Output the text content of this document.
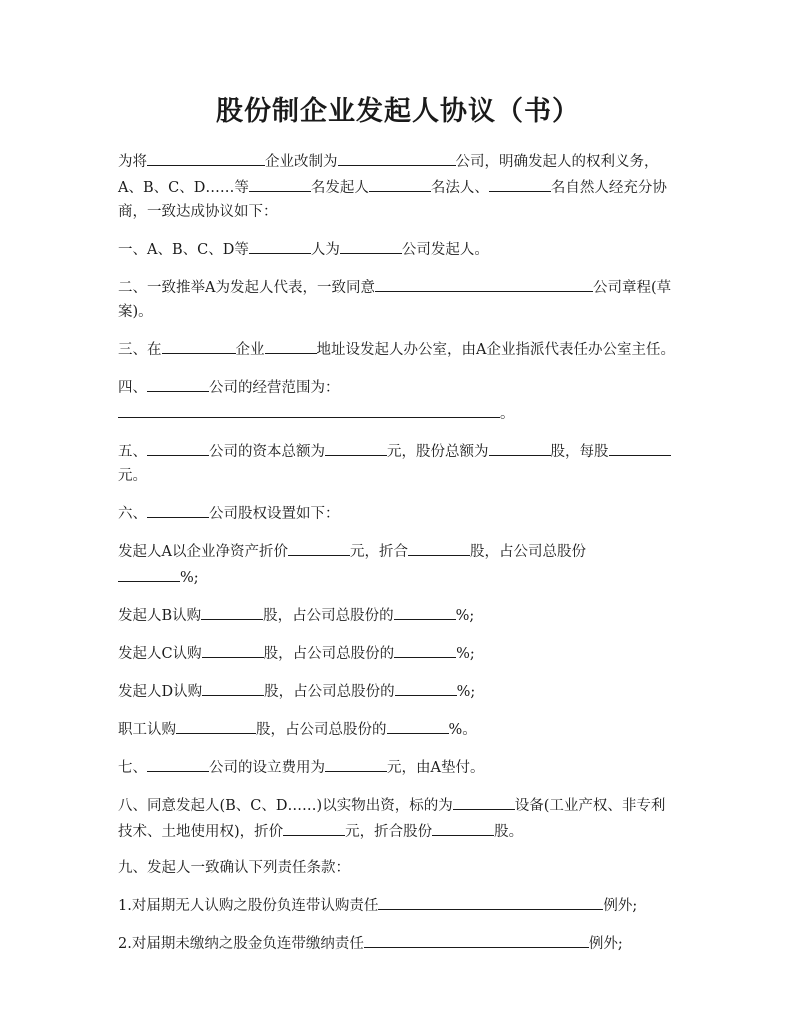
股份制企业发起人协议（书）

为将	企业改制为	公司，明确发起人的权利义务，A、B、C、D……等	名发起人	名法人、	名自然人经充分协商，一致达成协议如下：

一、A、B、C、D等	人为	公司发起人。

二、一致推举A为发起人代表，一致同意	公司章程(草案)。

三、在	企业	地址设发起人办公室，由A企业指派代表任办公室主任。

四、	公司的经营范围为：
。

五、	公司的资本总额为	元，股份总额为	股，每股元。

六、	公司股权设置如下：

发起人A以企业净资产折价	元，折合	股，占公司总股份
%;

发起人B认购	股，占公司总股份的	%;

发起人C认购	股，占公司总股份的	%;

发起人D认购	股，占公司总股份的	%;

职工认购	股，占公司总股份的	%。

七、	公司的设立费用为	元，由A垫付。

八、同意发起人(B、C、D……)以实物出资，标的为	设备(工业产权、非专利技术、土地使用权)，折价	元，折合股份	股。

九、发起人一致确认下列责任条款：

1.对届期无人认购之股份负连带认购责任	例外;

2.对届期未缴纳之股金负连带缴纳责任	例外;
